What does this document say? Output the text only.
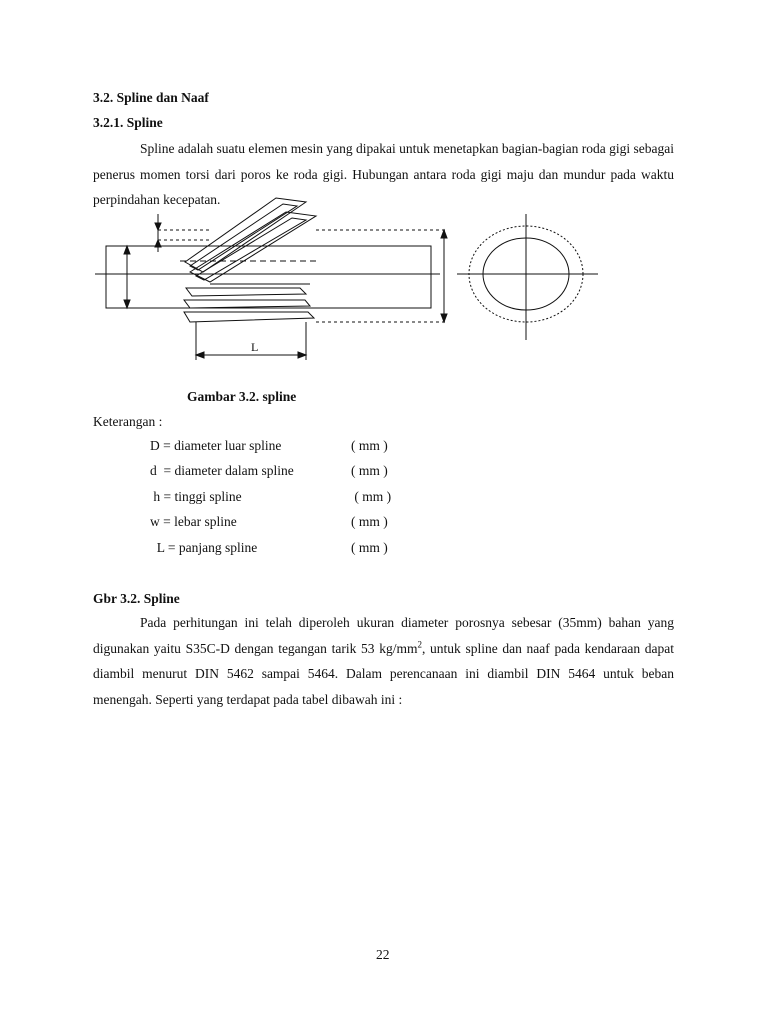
3.2. Spline dan Naaf
3.2.1. Spline
Spline adalah suatu elemen mesin yang dipakai untuk menetapkan bagian-bagian roda gigi sebagai penerus momen torsi dari poros ke roda gigi. Hubungan antara roda gigi maju dan mundur pada waktu perpindahan kecepatan.
L
Gambar 3.2. spline
Keterangan :
D = diameter luar spline	( mm )
d  = diameter dalam spline	( mm )
h = tinggi spline	( mm )
w = lebar spline	( mm )
L = panjang spline	( mm )
Gbr 3.2. Spline
Pada perhitungan ini telah diperoleh ukuran diameter porosnya sebesar (35mm) bahan yang digunakan yaitu S35C-D dengan tegangan tarik 53 $kg/mm^2$, untuk spline dan naaf pada kendaraan dapat diambil menurut DIN 5462 sampai 5464. Dalam perencanaan ini diambil DIN 5464 untuk beban menengah. Seperti yang terdapat pada tabel dibawah ini :
22
